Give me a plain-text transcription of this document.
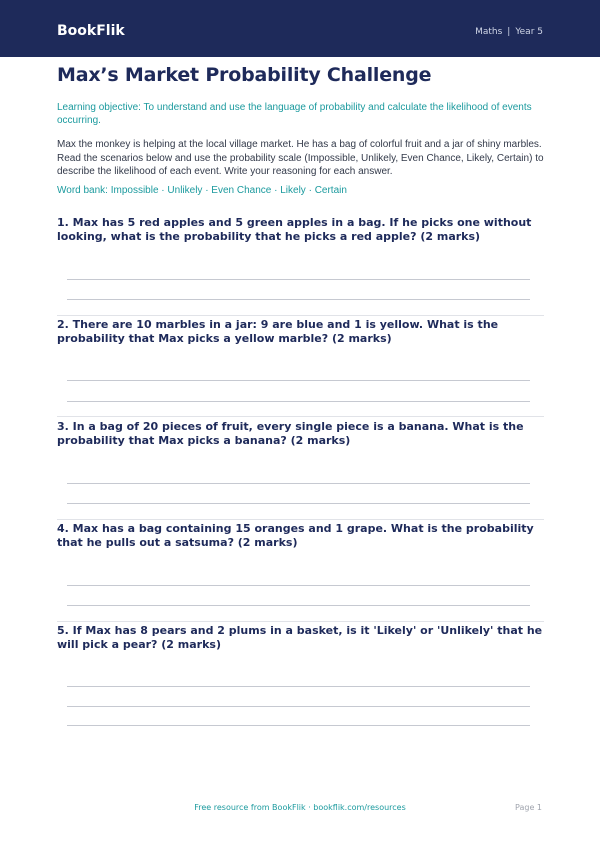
BookFlik	Maths | Year 5
Max’s Market Probability Challenge
Learning objective: To understand and use the language of probability and calculate the likelihood of events occurring.
Max the monkey is helping at the local village market. He has a bag of colorful fruit and a jar of shiny marbles. Read the scenarios below and use the probability scale (Impossible, Unlikely, Even Chance, Likely, Certain) to describe the likelihood of each event. Write your reasoning for each answer.
Word bank: Impossible · Unlikely · Even Chance · Likely · Certain
1. Max has 5 red apples and 5 green apples in a bag. If he picks one without looking, what is the probability that he picks a red apple? (2 marks)
2. There are 10 marbles in a jar: 9 are blue and 1 is yellow. What is the probability that Max picks a yellow marble? (2 marks)
3. In a bag of 20 pieces of fruit, every single piece is a banana. What is the probability that Max picks a banana? (2 marks)
4. Max has a bag containing 15 oranges and 1 grape. What is the probability that he pulls out a satsuma? (2 marks)
5. If Max has 8 pears and 2 plums in a basket, is it 'Likely' or 'Unlikely' that he will pick a pear? (2 marks)
Free resource from BookFlik · bookflik.com/resources	Page 1
